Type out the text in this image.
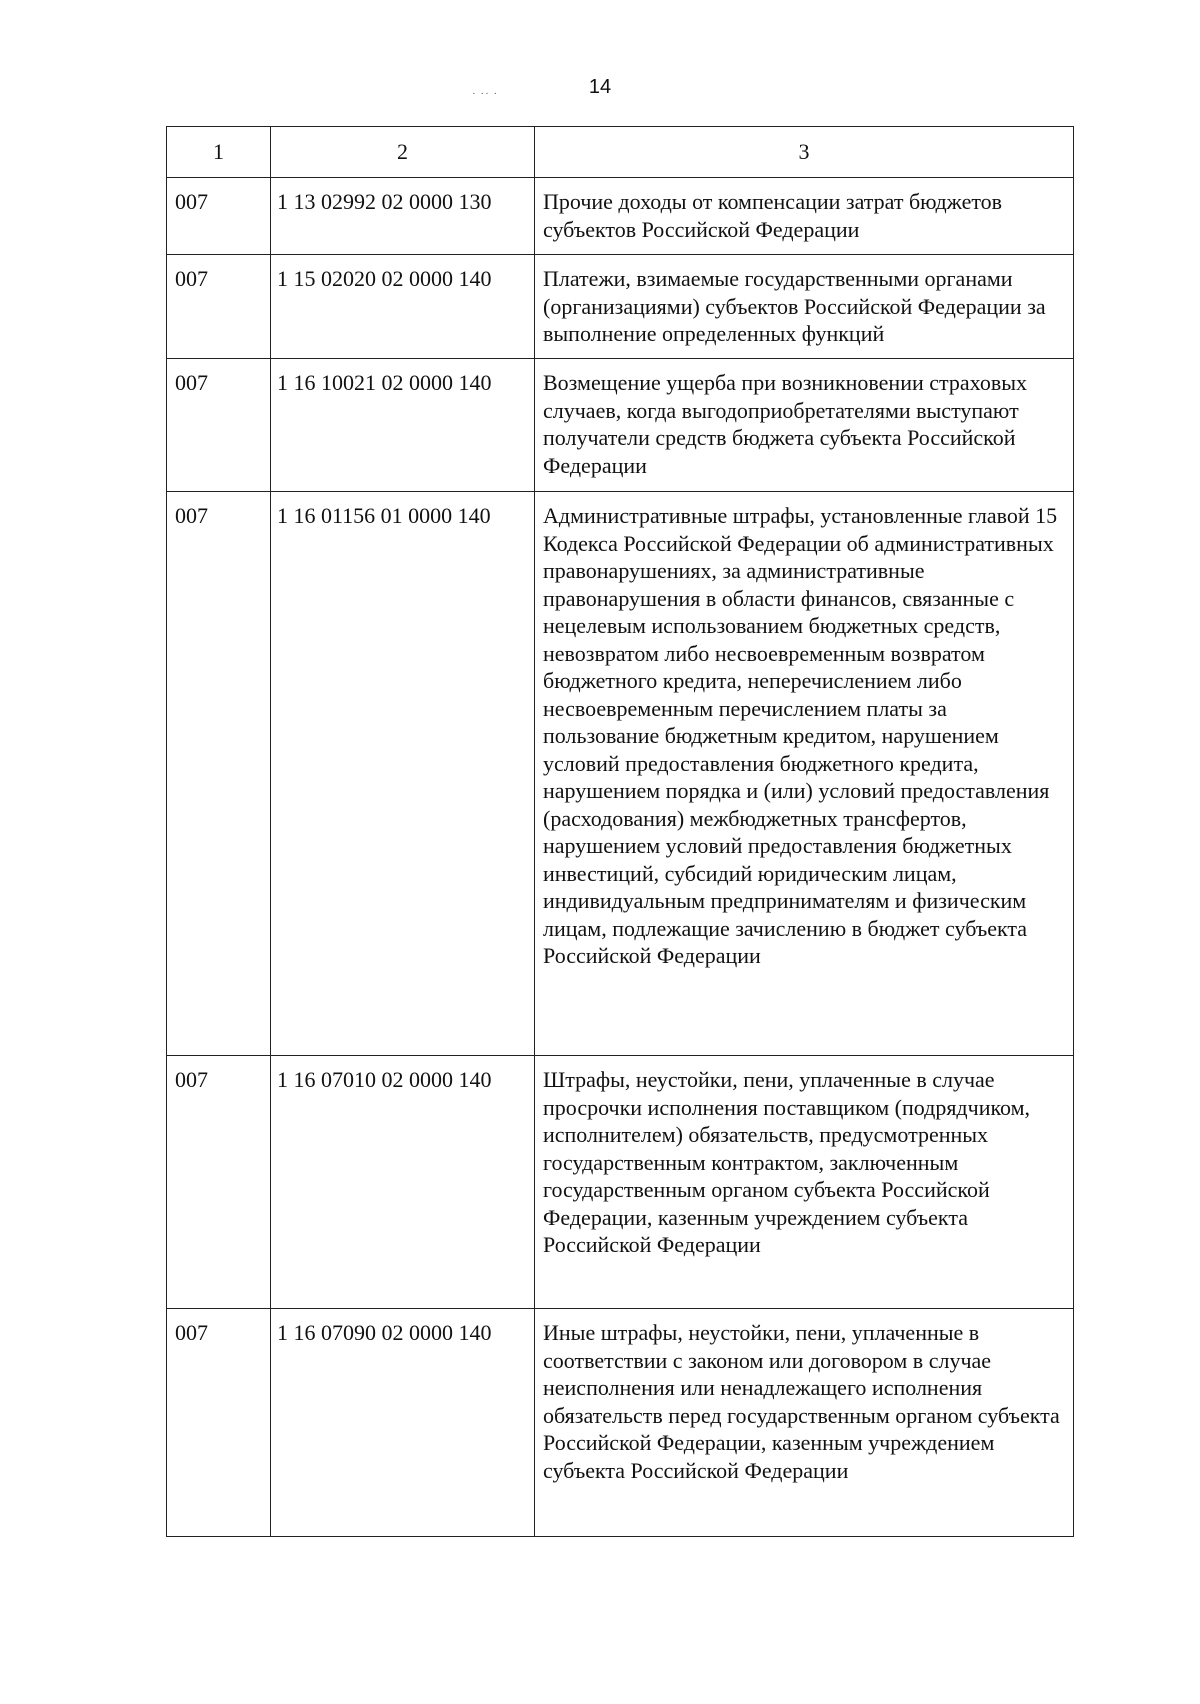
14
· ·· ·
1	2	3
007	1 13 02992 02 0000 130	Прочие доходы от компенсации затрат бюджетов субъектов Российской Федерации
007	1 15 02020 02 0000 140	Платежи, взимаемые государственными органами (организациями) субъектов Российской Федерации за выполнение определенных функций
007	1 16 10021 02 0000 140	Возмещение ущерба при возникновении страховых случаев, когда выгодоприобретателями выступают получатели средств бюджета субъекта Российской Федерации
007	1 16 01156 01 0000 140	Административные штрафы, установленные главой 15 Кодекса Российской Федерации об административных правонарушениях, за административные правонарушения в области финансов, связанные с нецелевым использованием бюджетных средств, невозвратом либо несвоевременным возвратом бюджетного кредита, неперечислением либо несвоевременным перечислением платы за пользование бюджетным кредитом, нарушением условий предоставления бюджетного кредита, нарушением порядка и (или) условий предоставления (расходования) межбюджетных трансфертов, нарушением условий предоставления бюджетных инвестиций, субсидий юридическим лицам, индивидуальным предпринимателям и физическим лицам, подлежащие зачислению в бюджет субъекта Российской Федерации
007	1 16 07010 02 0000 140	Штрафы, неустойки, пени, уплаченные в случае просрочки исполнения поставщиком (подрядчиком, исполнителем) обязательств, предусмотренных государственным контрактом, заключенным государственным органом субъекта Российской Федерации, казенным учреждением субъекта Российской Федерации
007	1 16 07090 02 0000 140	Иные штрафы, неустойки, пени, уплаченные в соответствии с законом или договором в случае неисполнения или ненадлежащего исполнения обязательств перед государственным органом субъекта Российской Федерации, казенным учреждением субъекта Российской Федерации
